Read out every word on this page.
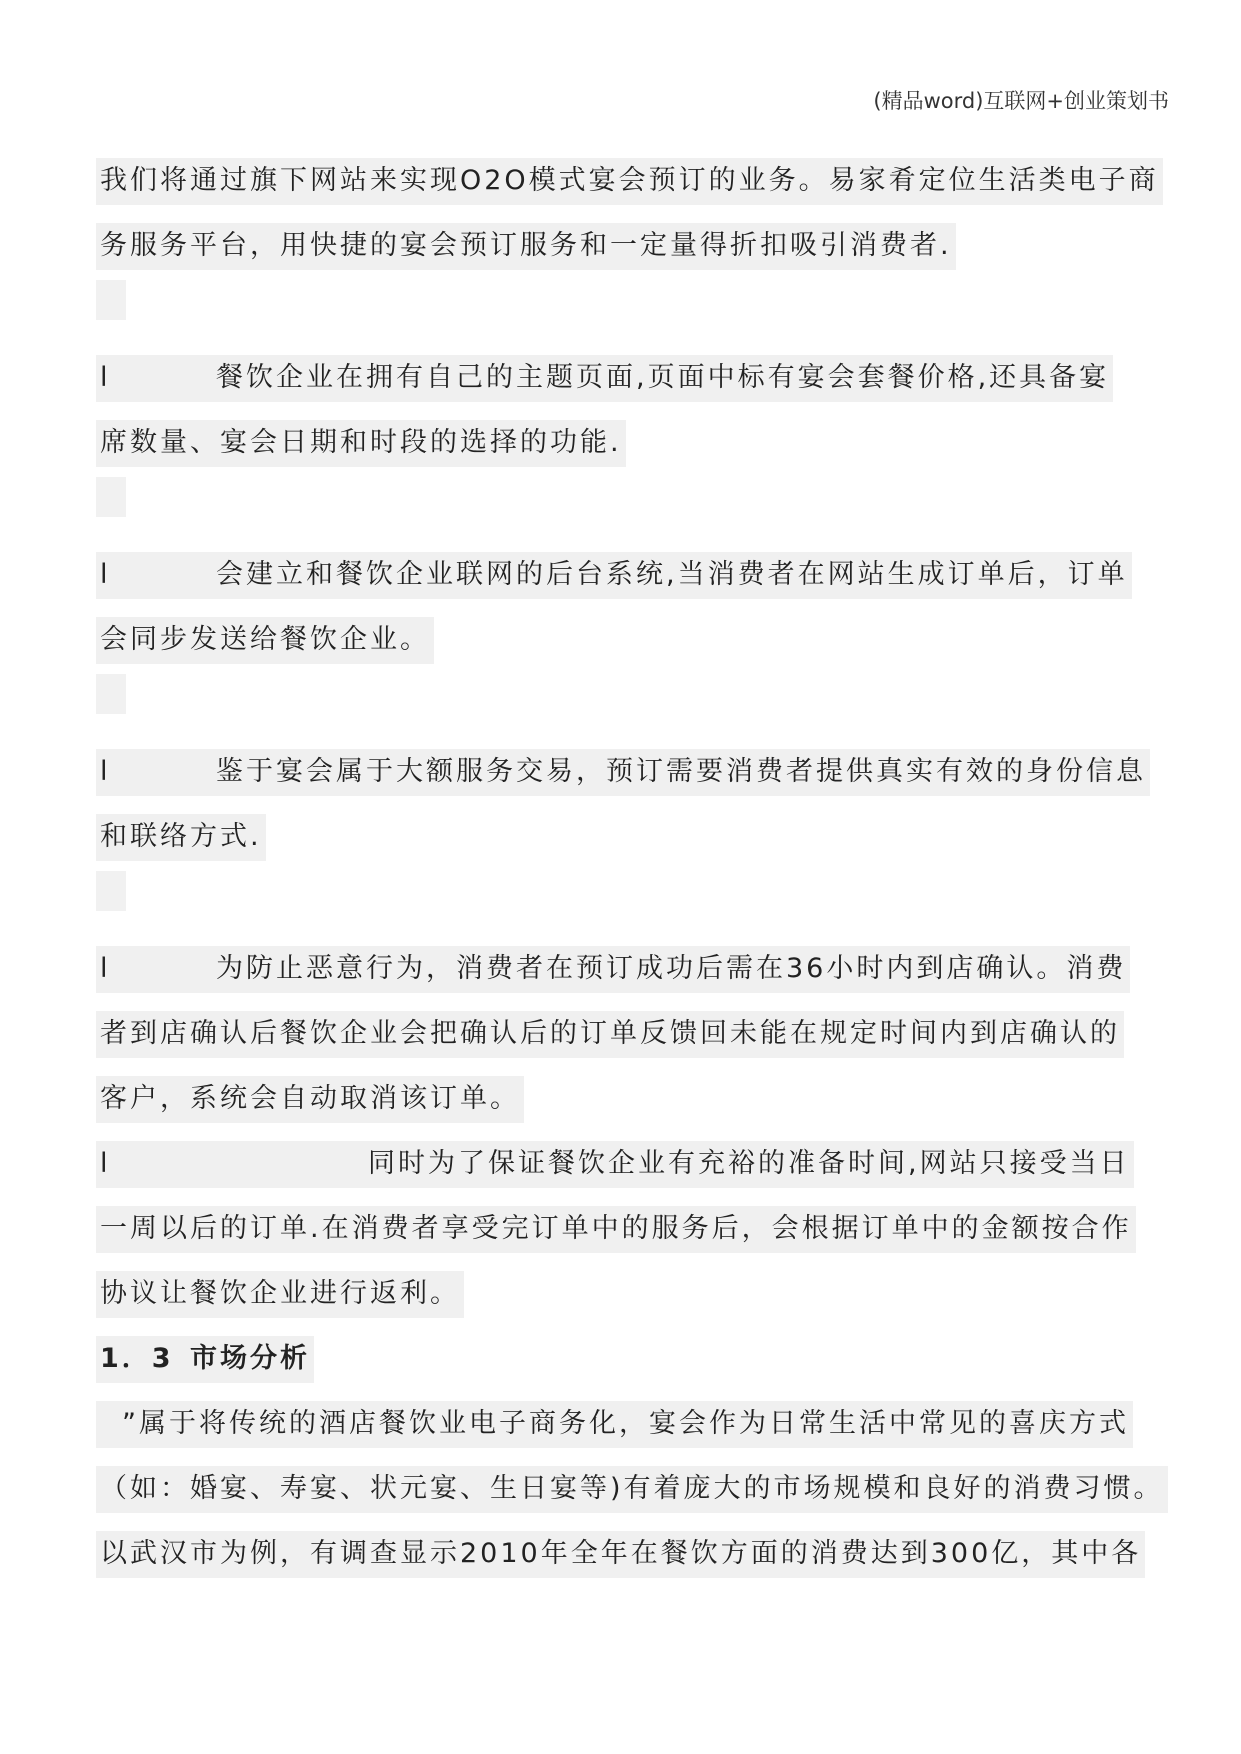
(精品word)互联网+创业策划书
我们将通过旗下网站来实现O2O模式宴会预订的业务。易家肴定位生活类电子商
务服务平台，用快捷的宴会预订服务和一定量得折扣吸引消费者.
l	餐饮企业在拥有自己的主题页面,页面中标有宴会套餐价格,还具备宴
席数量、宴会日期和时段的选择的功能.
l	会建立和餐饮企业联网的后台系统,当消费者在网站生成订单后，订单
会同步发送给餐饮企业。
l	鉴于宴会属于大额服务交易，预订需要消费者提供真实有效的身份信息
和联络方式.
l	为防止恶意行为，消费者在预订成功后需在36小时内到店确认。消费
者到店确认后餐饮企业会把确认后的订单反馈回未能在规定时间内到店确认的
客户，系统会自动取消该订单。
l	同时为了保证餐饮企业有充裕的准备时间,网站只接受当日
一周以后的订单.在消费者享受完订单中的服务后，会根据订单中的金额按合作
协议让餐饮企业进行返利。
1．3 市场分析
”属于将传统的酒店餐饮业电子商务化，宴会作为日常生活中常见的喜庆方式
（如：婚宴、寿宴、状元宴、生日宴等)有着庞大的市场规模和良好的消费习惯。
以武汉市为例，有调查显示2010年全年在餐饮方面的消费达到300亿，其中各
